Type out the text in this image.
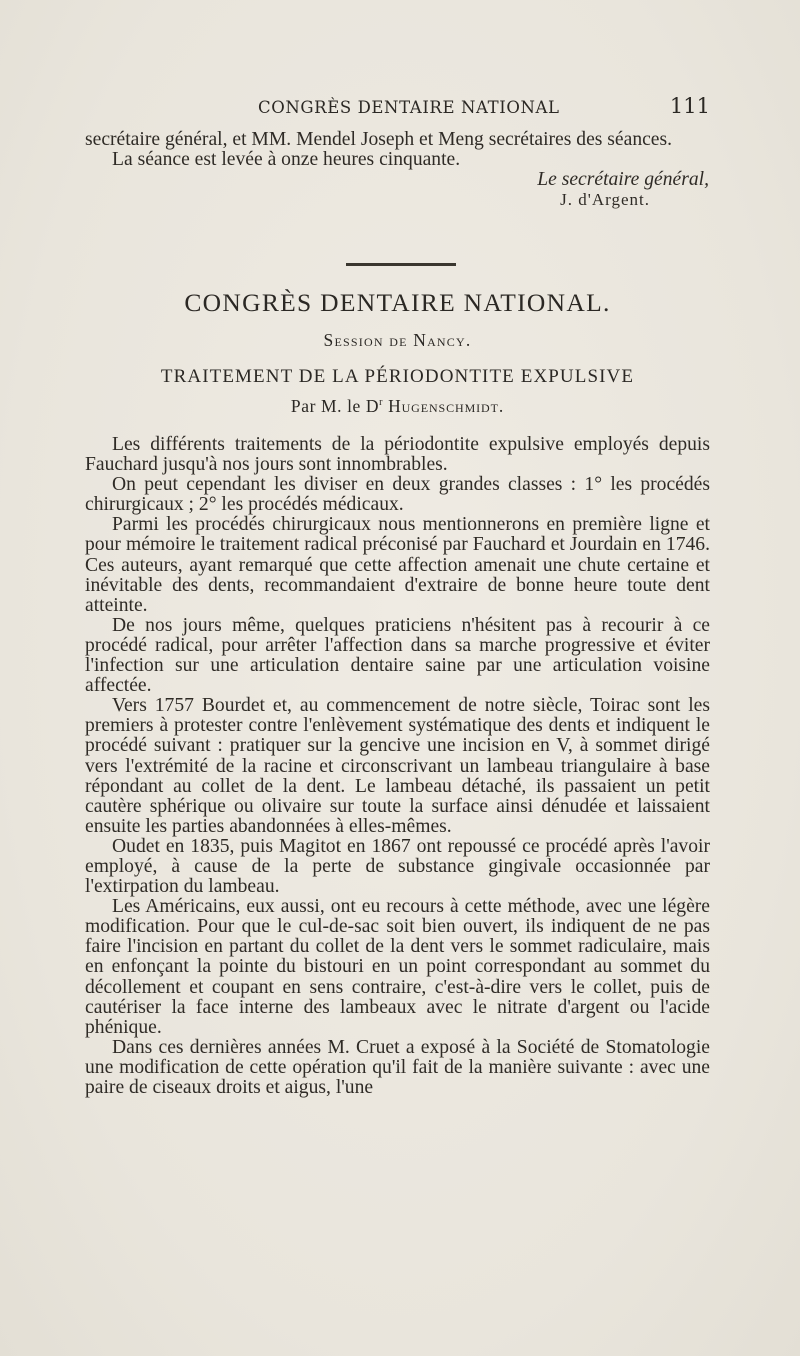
CONGRÈS DENTAIRE NATIONAL	111

secrétaire général, et MM. Mendel Joseph et Meng secrétaires des séances.

La séance est levée à onze heures cinquante.

Le secrétaire général,

J. d'Argent.

CONGRÈS DENTAIRE NATIONAL.
Session de Nancy.
TRAITEMENT DE LA PÉRIODONTITE EXPULSIVE
Par M. le $D^r$ Hugenschmidt.

Les différents traitements de la périodontite expulsive employés depuis Fauchard jusqu'à nos jours sont innombrables.

On peut cependant les diviser en deux grandes classes : 1° les procédés chirurgicaux ; 2° les procédés médicaux.

Parmi les procédés chirurgicaux nous mentionnerons en première ligne et pour mémoire le traitement radical préconisé par Fauchard et Jourdain en 1746. Ces auteurs, ayant remarqué que cette affection amenait une chute certaine et inévitable des dents, recommandaient d'extraire de bonne heure toute dent atteinte.

De nos jours même, quelques praticiens n'hésitent pas à recourir à ce procédé radical, pour arrêter l'affection dans sa marche progressive et éviter l'infection sur une articulation dentaire saine par une articulation voisine affectée.

Vers 1757 Bourdet et, au commencement de notre siècle, Toirac sont les premiers à protester contre l'enlèvement systématique des dents et indiquent le procédé suivant : pratiquer sur la gencive une incision en V, à sommet dirigé vers l'extrémité de la racine et circonscrivant un lambeau triangulaire à base répondant au collet de la dent. Le lambeau détaché, ils passaient un petit cautère sphérique ou olivaire sur toute la surface ainsi dénudée et laissaient ensuite les parties abandonnées à elles-mêmes.

Oudet en 1835, puis Magitot en 1867 ont repoussé ce procédé après l'avoir employé, à cause de la perte de substance gingivale occasionnée par l'extirpation du lambeau.

Les Américains, eux aussi, ont eu recours à cette méthode, avec une légère modification. Pour que le cul-de-sac soit bien ouvert, ils indiquent de ne pas faire l'incision en partant du collet de la dent vers le sommet radiculaire, mais en enfonçant la pointe du bistouri en un point correspondant au sommet du décollement et coupant en sens contraire, c'est-à-dire vers le collet, puis de cautériser la face interne des lambeaux avec le nitrate d'argent ou l'acide phénique.

Dans ces dernières années M. Cruet a exposé à la Société de Stomatologie une modification de cette opération qu'il fait de la manière suivante : avec une paire de ciseaux droits et aigus, l'une
